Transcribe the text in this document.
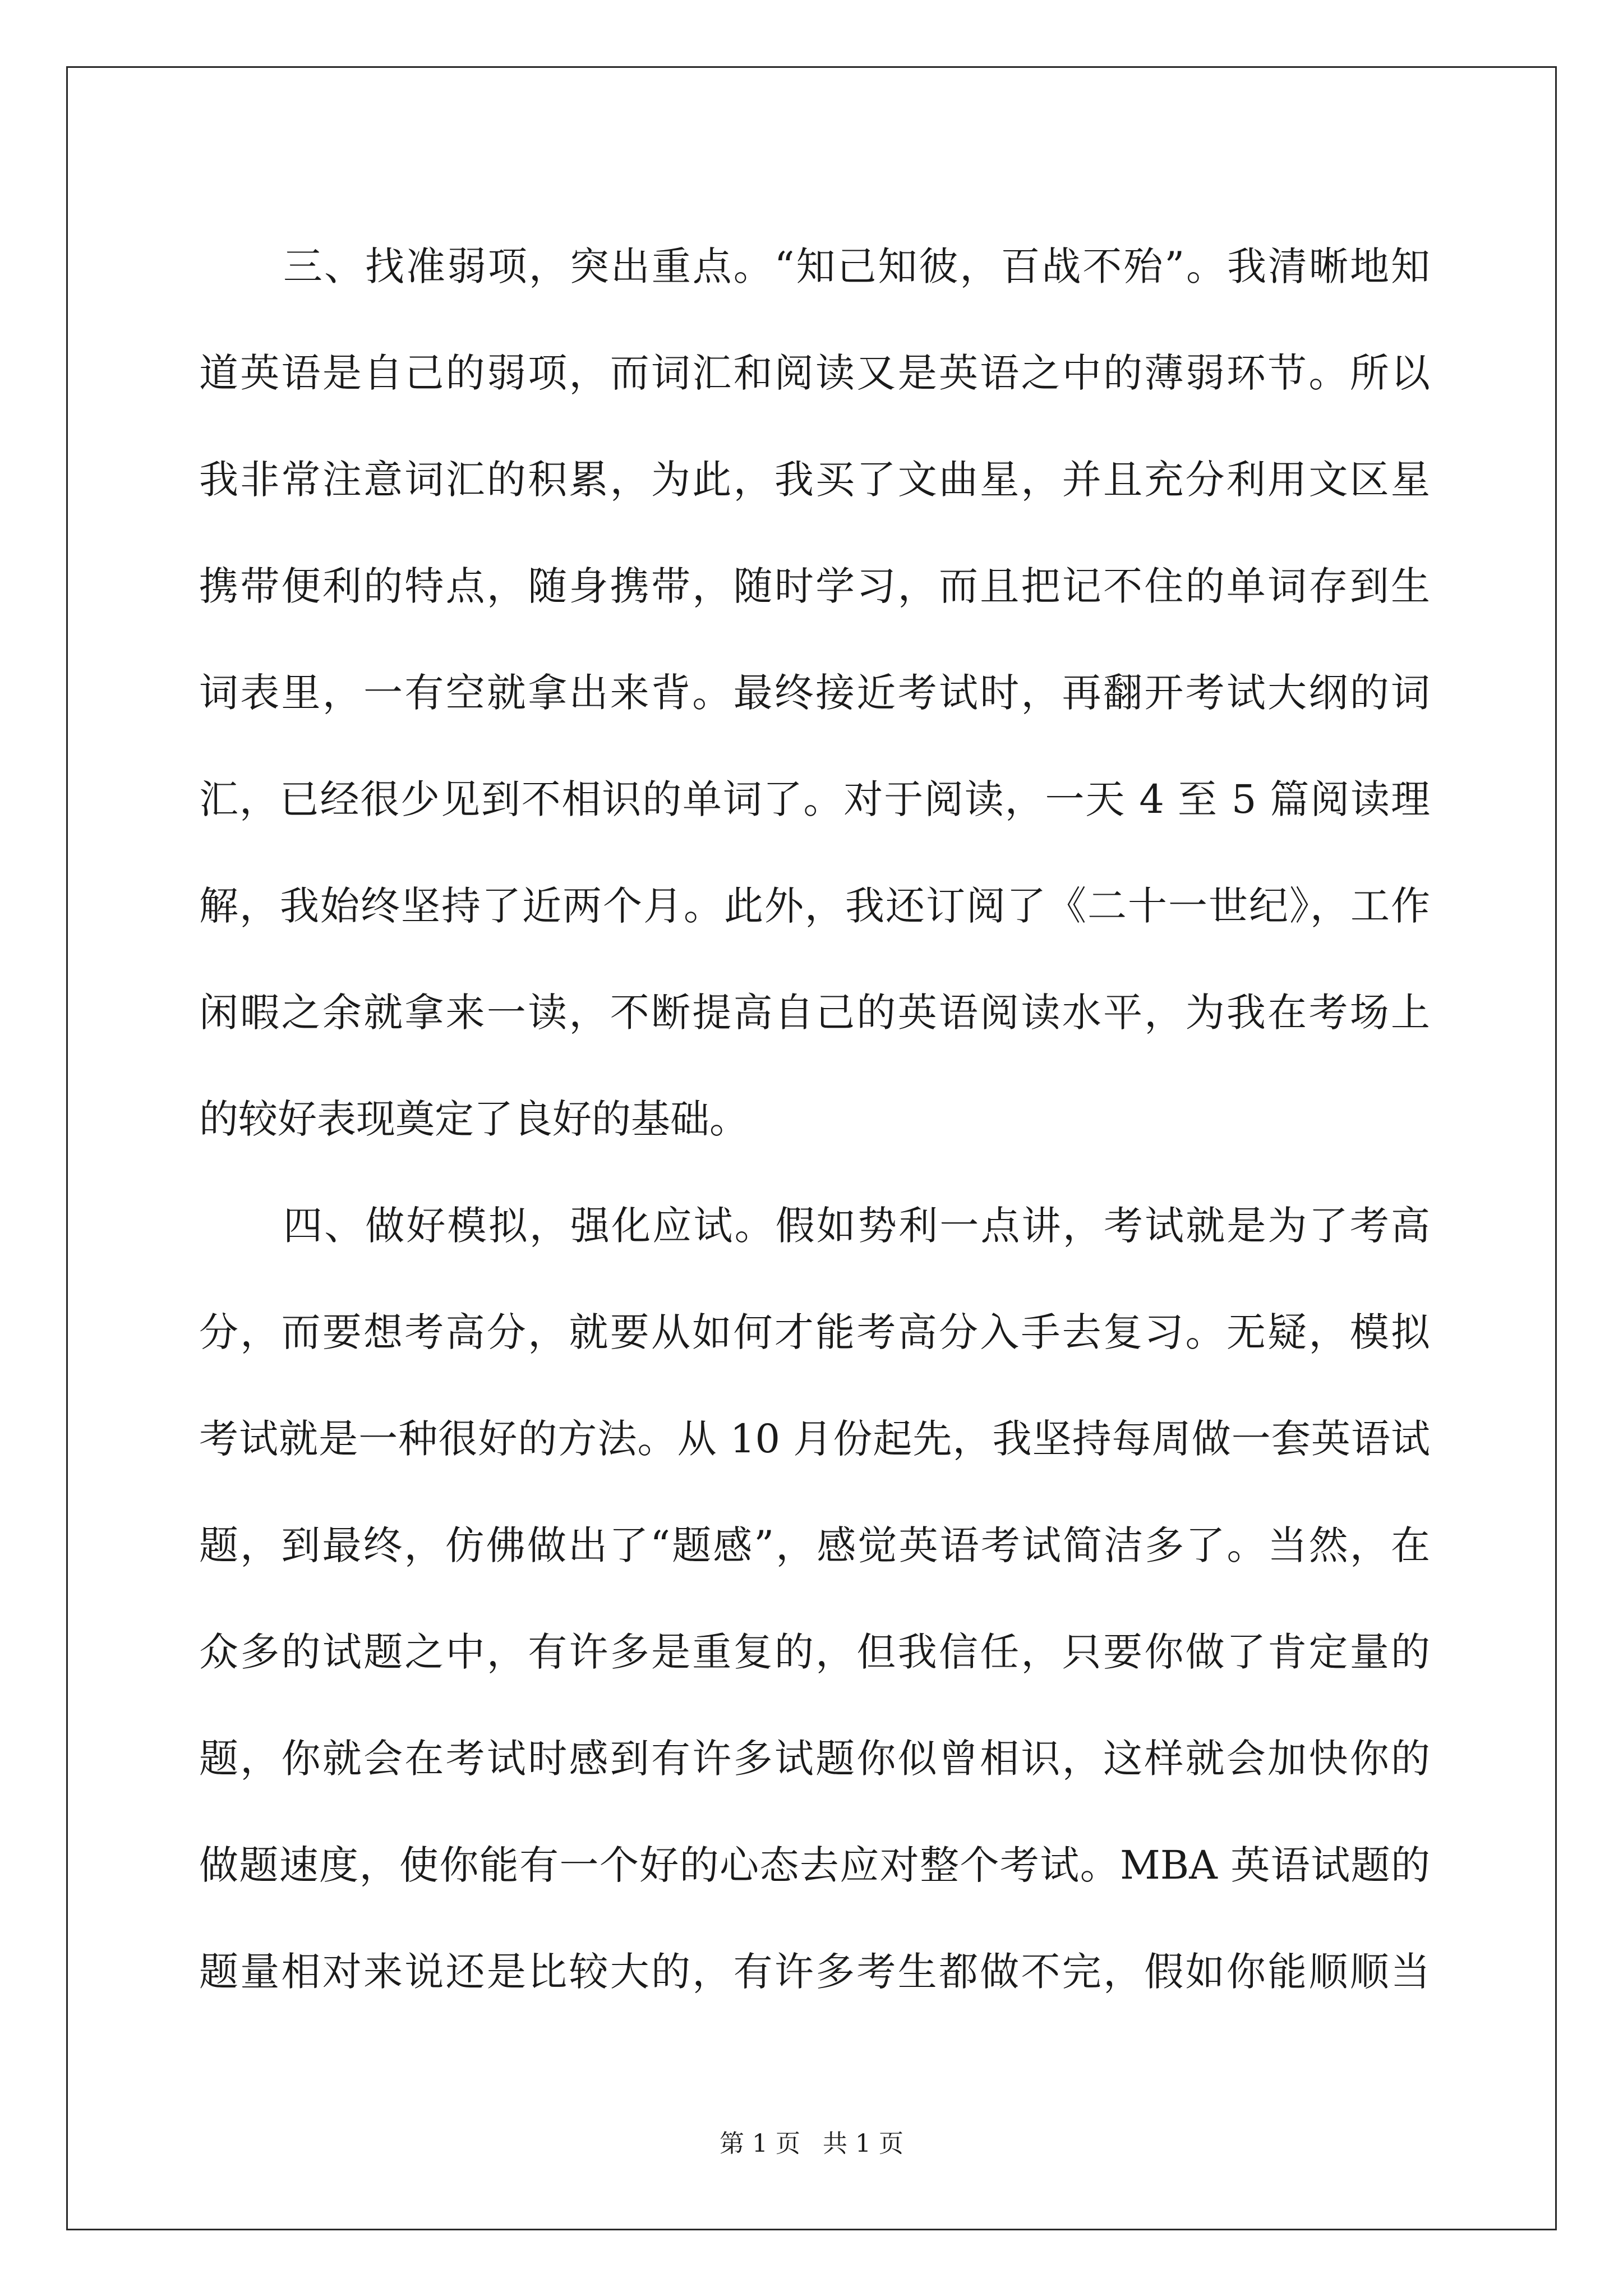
三、找准弱项，突出重点。“知己知彼，百战不殆”。我清晰地知
道英语是自己的弱项，而词汇和阅读又是英语之中的薄弱环节。所以
我非常注意词汇的积累，为此，我买了文曲星，并且充分利用文区星
携带便利的特点，随身携带，随时学习，而且把记不住的单词存到生
词表里，一有空就拿出来背。最终接近考试时，再翻开考试大纲的词
汇，已经很少见到不相识的单词了。对于阅读，一天 4 至 5 篇阅读理
解，我始终坚持了近两个月。此外，我还订阅了《二十一世纪》，工作
闲暇之余就拿来一读，不断提高自己的英语阅读水平，为我在考场上
的较好表现奠定了良好的基础。
四、做好模拟，强化应试。假如势利一点讲，考试就是为了考高
分，而要想考高分，就要从如何才能考高分入手去复习。无疑，模拟
考试就是一种很好的方法。从 10 月份起先，我坚持每周做一套英语试
题，到最终，仿佛做出了“题感”，感觉英语考试简洁多了。当然，在
众多的试题之中，有许多是重复的，但我信任，只要你做了肯定量的
题，你就会在考试时感到有许多试题你似曾相识，这样就会加快你的
做题速度，使你能有一个好的心态去应对整个考试。MBA 英语试题的
题量相对来说还是比较大的，有许多考生都做不完，假如你能顺顺当
第 1 页 共 1 页
